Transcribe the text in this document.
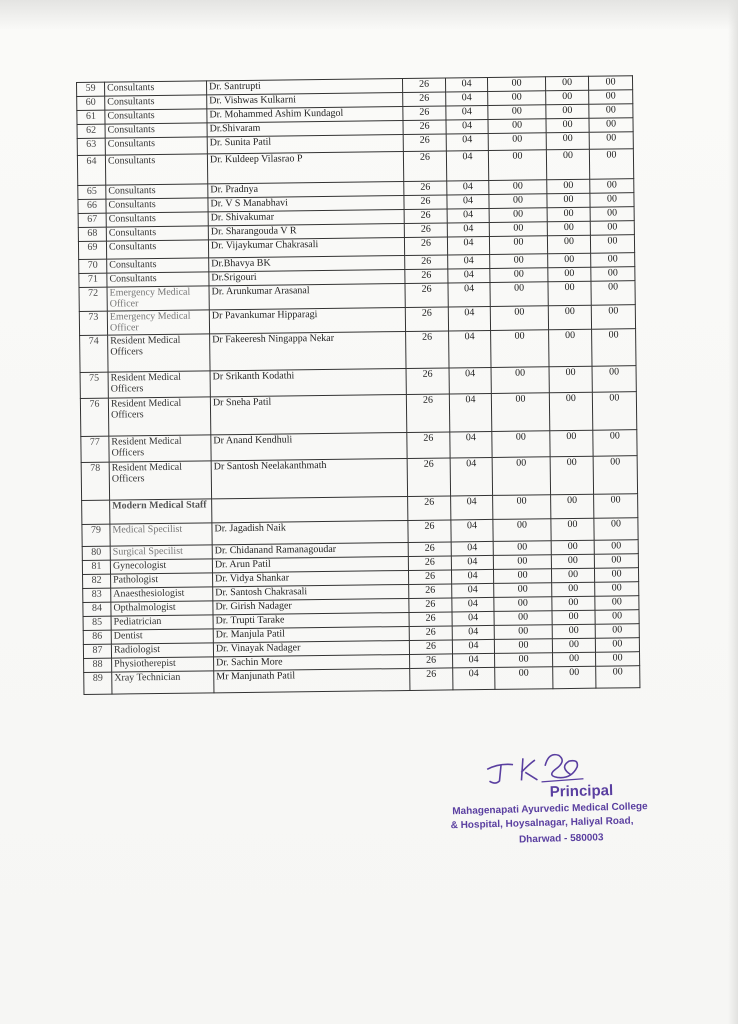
59	Consultants	Dr. Santrupti	26	04	00	00	00
60	Consultants	Dr. Vishwas Kulkarni	26	04	00	00	00
61	Consultants	Dr. Mohammed Ashim Kundagol	26	04	00	00	00
62	Consultants	Dr.Shivaram	26	04	00	00	00
63	Consultants	Dr. Sunita Patil	26	04	00	00	00
64	Consultants	Dr. Kuldeep Vilasrao P	26	04	00	00	00
65	Consultants	Dr. Pradnya	26	04	00	00	00
66	Consultants	Dr. V S Manabhavi	26	04	00	00	00
67	Consultants	Dr. Shivakumar	26	04	00	00	00
68	Consultants	Dr. Sharangouda V R	26	04	00	00	00
69	Consultants	Dr. Vijaykumar Chakrasali	26	04	00	00	00
70	Consultants	Dr.Bhavya BK	26	04	00	00	00
71	Consultants	Dr.Srigouri	26	04	00	00	00
72	Emergency Medical Officer	Dr. Arunkumar Arasanal	26	04	00	00	00
73	Emergency Medical Officer	Dr Pavankumar Hipparagi	26	04	00	00	00
74	Resident Medical Officers	Dr Fakeeresh Ningappa Nekar	26	04	00	00	00
75	Resident Medical Officers	Dr Srikanth Kodathi	26	04	00	00	00
76	Resident Medical Officers	Dr Sneha Patil	26	04	00	00	00
77	Resident Medical Officers	Dr Anand Kendhuli	26	04	00	00	00
78	Resident Medical Officers	Dr Santosh Neelakanthmath	26	04	00	00	00
	Modern Medical Staff		26	04	00	00	00
79	Medical Specilist	Dr. Jagadish Naik	26	04	00	00	00
80	Surgical Specilist	Dr. Chidanand Ramanagoudar	26	04	00	00	00
81	Gynecologist	Dr. Arun Patil	26	04	00	00	00
82	Pathologist	Dr. Vidya Shankar	26	04	00	00	00
83	Anaesthesiologist	Dr. Santosh Chakrasali	26	04	00	00	00
84	Opthalmologist	Dr. Girish Nadager	26	04	00	00	00
85	Pediatrician	Dr. Trupti Tarake	26	04	00	00	00
86	Dentist	Dr. Manjula Patil	26	04	00	00	00
87	Radiologist	Dr. Vinayak Nadager	26	04	00	00	00
88	Physiotherepist	Dr. Sachin More	26	04	00	00	00
89	Xray Technician	Mr Manjunath Patil	26	04	00	00	00
Principal
Mahagenapati Ayurvedic Medical College
& Hospital, Hoysalnagar, Haliyal Road,
Dharwad - 580003
